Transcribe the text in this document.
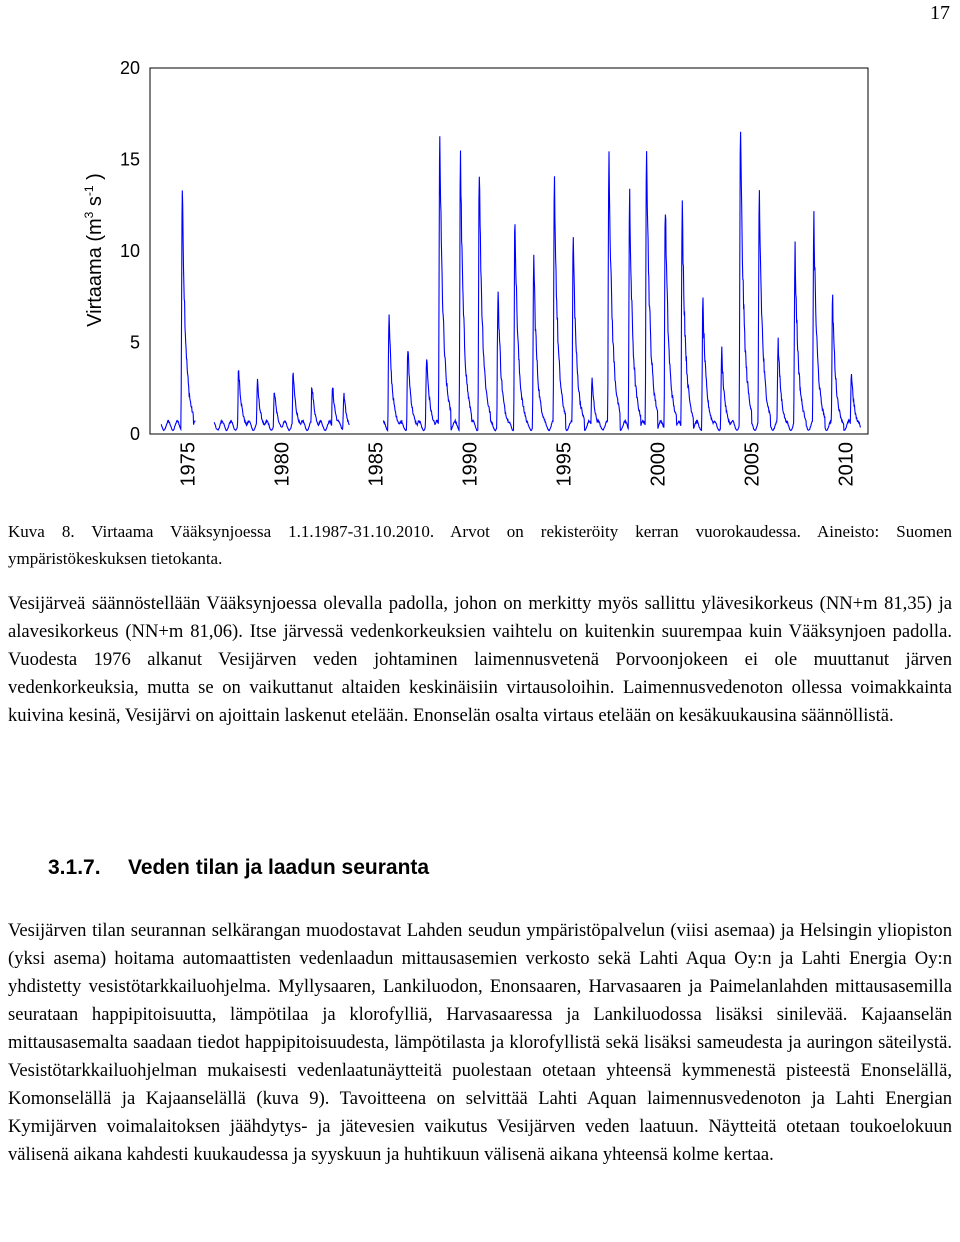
17
0
5
10
15
20
1975	1980	1985	1990	1995	2000	2005	2010
Virtaama ($m^3$ $s^{-1}$ )
Kuva 8. Virtaama Vääksynjoessa 1.1.1987-31.10.2010. Arvot on rekisteröity kerran vuorokaudessa. Aineisto: Suomen ympäristökeskuksen tietokanta.

Vesijärveä säännöstellään Vääksynjoessa olevalla padolla, johon on merkitty myös sallittu ylävesikorkeus (NN+m 81,35) ja alavesikorkeus (NN+m 81,06). Itse järvessä vedenkorkeuksien vaihtelu on kuitenkin suurempaa kuin Vääksynjoen padolla. Vuodesta 1976 alkanut Vesijärven veden johtaminen laimennusvetenä Porvoonjokeen ei ole muuttanut järven vedenkorkeuksia, mutta se on vaikuttanut altaiden keskinäisiin virtausoloihin. Laimennusvedenoton ollessa voimakkainta kuivina kesinä, Vesijärvi on ajoittain laskenut etelään. Enonselän osalta virtaus etelään on kesäkuukausina säännöllistä.

3.1.7. Veden tilan ja laadun seuranta

Vesijärven tilan seurannan selkärangan muodostavat Lahden seudun ympäristöpalvelun (viisi asemaa) ja Helsingin yliopiston (yksi asema) hoitama automaattisten vedenlaadun mittausasemien verkosto sekä Lahti Aqua Oy:n ja Lahti Energia Oy:n yhdistetty vesistötarkkailuohjelma. Myllysaaren, Lankiluodon, Enonsaaren, Harvasaaren ja Paimelanlahden mittausasemilla seurataan happipitoisuutta, lämpötilaa ja klorofylliä, Harvasaaressa ja Lankiluodossa lisäksi sinilevää. Kajaanselän mittausasemalta saadaan tiedot happipitoisuudesta, lämpötilasta ja klorofyllistä sekä lisäksi sameudesta ja auringon säteilystä. Vesistötarkkailuohjelman mukaisesti vedenlaatunäytteitä puolestaan otetaan yhteensä kymmenestä pisteestä Enonselällä, Komonselällä ja Kajaanselällä (kuva 9). Tavoitteena on selvittää Lahti Aquan laimennusvedenoton ja Lahti Energian Kymijärven voimalaitoksen jäähdytys- ja jätevesien vaikutus Vesijärven veden laatuun. Näytteitä otetaan toukoelokuun välisenä aikana kahdesti kuukaudessa ja syyskuun ja huhtikuun välisenä aikana yhteensä kolme kertaa.
